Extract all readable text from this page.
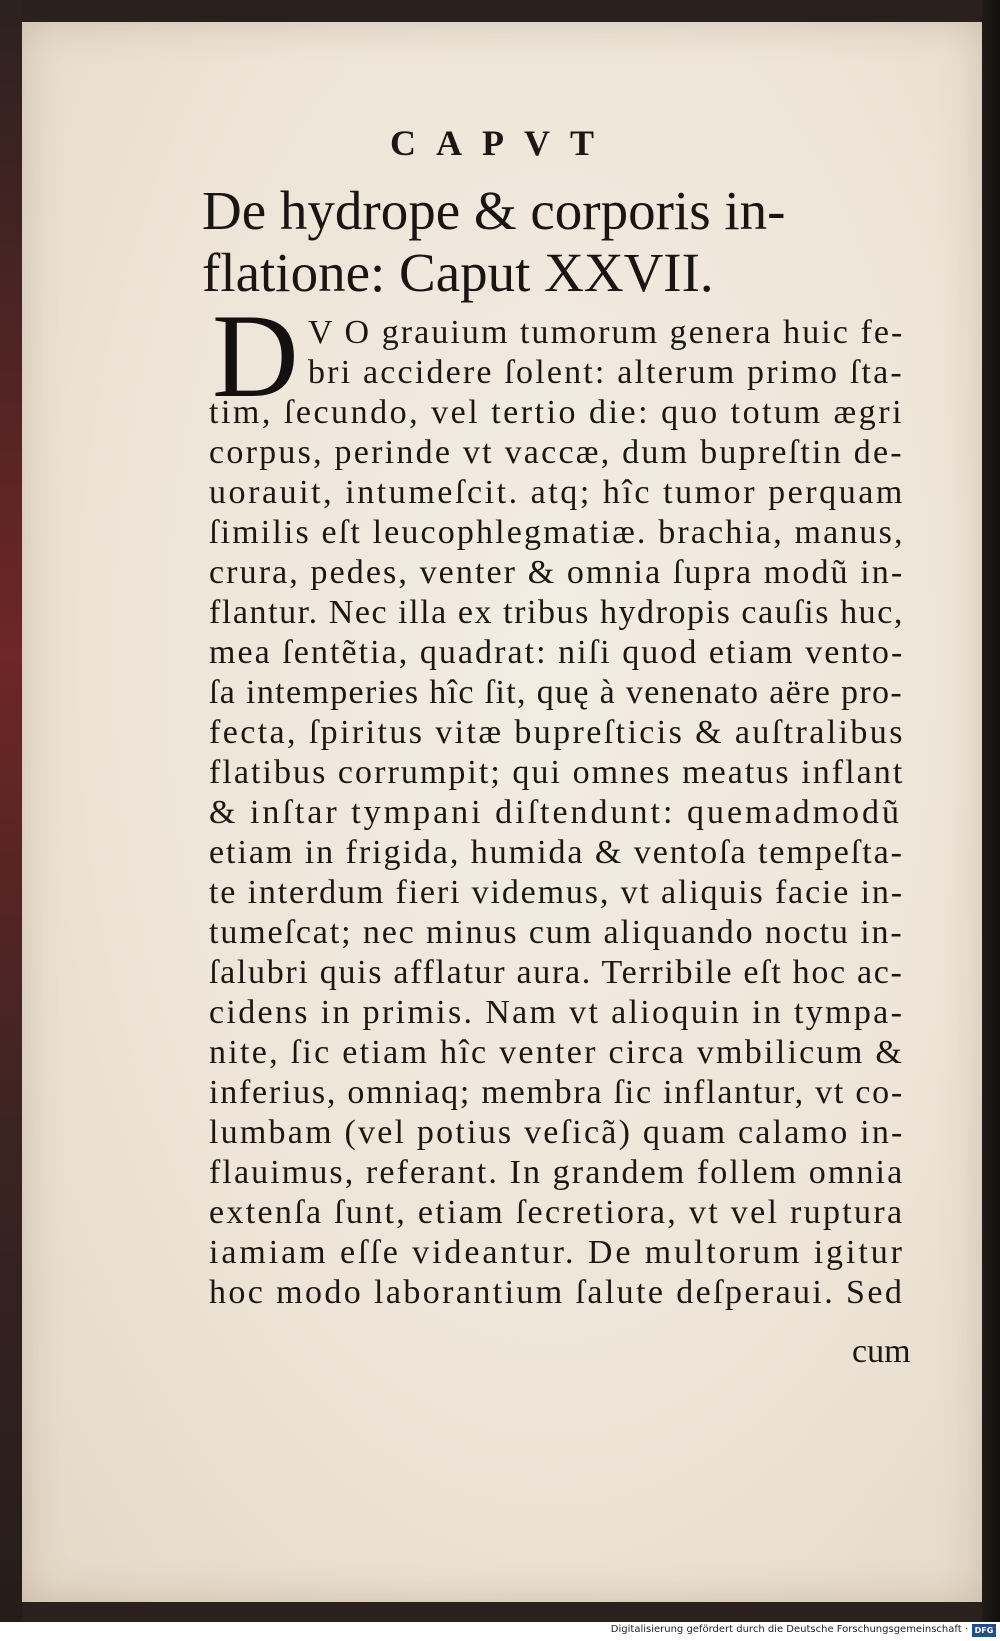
CAPVT
De hydrope & corporis in-
flatione: Caput XXVII.
D V O grauium tumorum genera huic fe-
bri accidere ſolent: alterum primo ſta-
tim, ſecundo, vel tertio die: quo totum ægri
corpus, perinde vt vaccæ, dum bupreſtin de-
uorauit, intumeſcit. atq; hîc tumor perquam
ſimilis eſt leucophlegmatiæ. brachia, manus,
crura, pedes, venter & omnia ſupra modũ in-
flantur. Nec illa ex tribus hydropis cauſis huc,
mea ſentẽtia, quadrat: niſi quod etiam vento-
ſa intemperies hîc ſit, quę à venenato aëre pro-
fecta, ſpiritus vitæ bupreſticis & auſtralibus
flatibus corrumpit; qui omnes meatus inflant
& inſtar tympani diſtendunt: quemadmodũ
etiam in frigida, humida & ventoſa tempeſta-
te interdum fieri videmus, vt aliquis facie in-
tumeſcat; nec minus cum aliquando noctu in-
ſalubri quis afflatur aura. Terribile eſt hoc ac-
cidens in primis. Nam vt alioquin in tympa-
nite, ſic etiam hîc venter circa vmbilicum &
inferius, omniaq; membra ſic inflantur, vt co-
lumbam (vel potius veſicã) quam calamo in-
flauimus, referant. In grandem follem omnia
extenſa ſunt, etiam ſecretiora, vt vel ruptura
iamiam eſſe videantur. De multorum igitur
hoc modo laborantium ſalute deſperaui. Sed
cum
Digitalisierung gefördert durch die Deutsche Forschungsgemeinschaft · DFG
